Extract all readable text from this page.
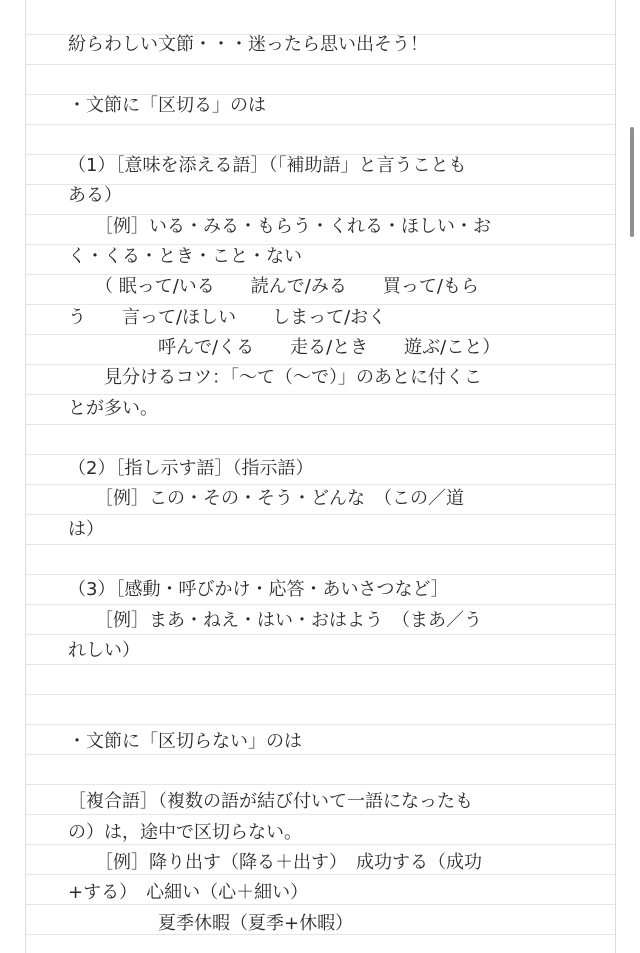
紛らわしい文節・・・迷ったら思い出そう！

・文節に「区切る」のは

（1）［意味を添える語］（「補助語」と言うことも
ある）
　　［例］いる・みる・もらう・くれる・ほしい・お
く・くる・とき・こと・ない
　　（ 眠って/いる　　読んで/みる　　買って/もら
う　　言って/ほしい　　しまって/おく
　　　　　呼んで/くる　　走る/とき　　遊ぶ/こと）
　　見分けるコツ：「〜て（〜で）」のあとに付くこ
とが多い。

（2）［指し示す語］（指示語）
　　［例］この・その・そう・どんな　（この／道
は）

（3）［感動・呼びかけ・応答・あいさつなど］
　　［例］まあ・ねえ・はい・おはよう　（まあ／う
れしい）

・文節に「区切らない」のは

［複合語］（複数の語が結び付いて一語になったも
の）は，途中で区切らない。
　　［例］降り出す（降る＋出す）　成功する（成功
+する）　心細い（心＋細い）
　　　　　夏季休暇（夏季+休暇）
